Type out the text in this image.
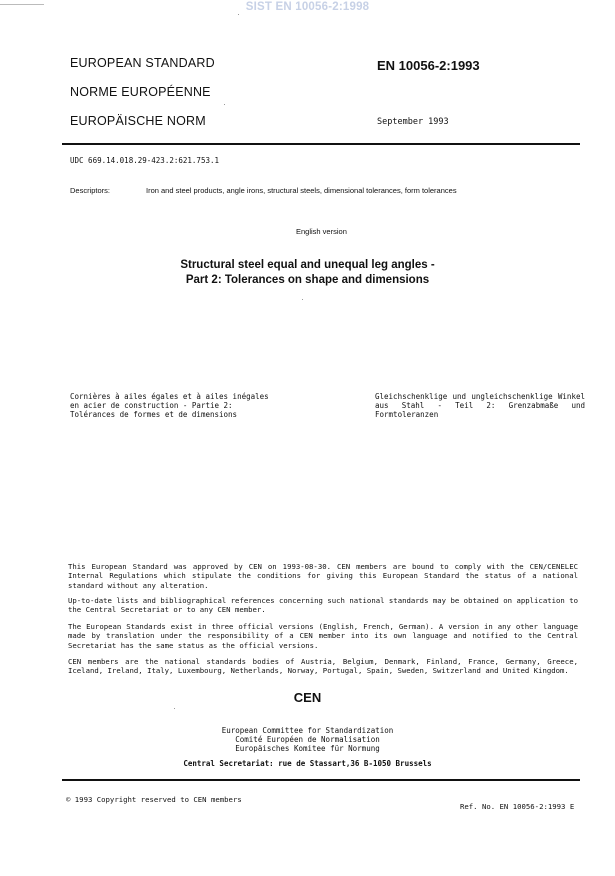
SIST EN 10056-2:1998
EUROPEAN STANDARD
NORME EUROPÉENNE
EUROPÄISCHE NORM
EN 10056-2:1993
September 1993
UDC 669.14.018.29-423.2:621.753.1
Descriptors:	Iron and steel products, angle irons, structural steels, dimensional tolerances, form tolerances
English version
Structural steel equal and unequal leg angles -
Part 2: Tolerances on shape and dimensions
Cornières à ailes égales et à ailes inégales en acier de construction - Partie 2: Tolérances de formes et de dimensions
Gleichschenklige und ungleichschenklige Winkel aus Stahl - Teil 2: Grenzabmaße und Formtoleranzen
This European Standard was approved by CEN on 1993-08-30. CEN members are bound to comply with the CEN/CENELEC Internal Regulations which stipulate the conditions for giving this European Standard the status of a national standard without any alteration.
Up-to-date lists and bibliographical references concerning such national standards may be obtained on application to the Central Secretariat or to any CEN member.
The European Standards exist in three official versions (English, French, German). A version in any other language made by translation under the responsibility of a CEN member into its own language and notified to the Central Secretariat has the same status as the official versions.
CEN members are the national standards bodies of Austria, Belgium, Denmark, Finland, France, Germany, Greece, Iceland, Ireland, Italy, Luxembourg, Netherlands, Norway, Portugal, Spain, Sweden, Switzerland and United Kingdom.
CEN
European Committee for Standardization
Comité Européen de Normalisation
Europäisches Komitee für Normung
Central Secretariat: rue de Stassart,36 B-1050 Brussels
© 1993 Copyright reserved to CEN members
Ref. No. EN 10056-2:1993 E
